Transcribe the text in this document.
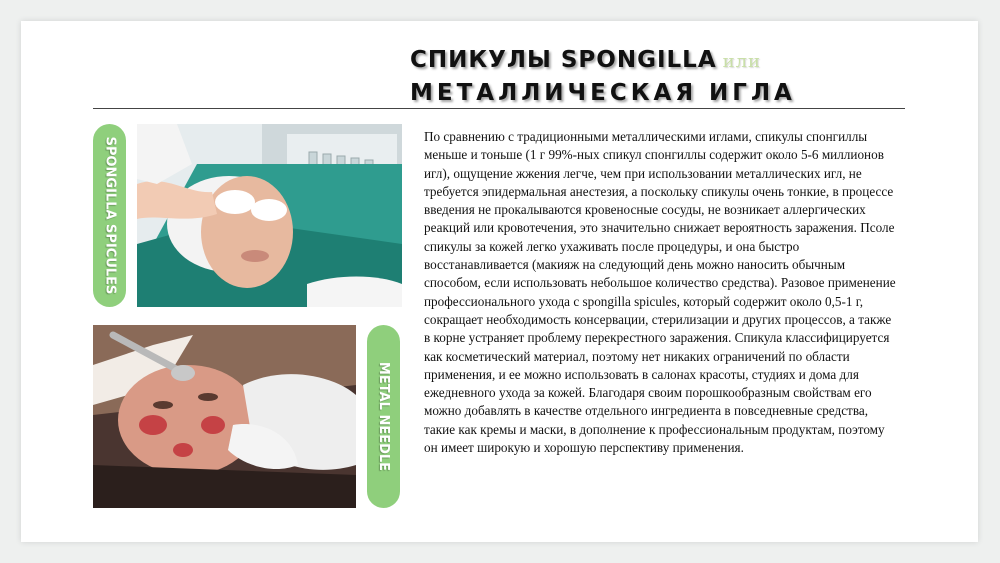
СПИКУЛЫ SPONGILLA или
МЕТАЛЛИЧЕСКАЯ ИГЛА
SPONGILLA SPICULES
METAL NEEDLE

По сравнению с традиционными металлическими иглами, спикулы спонгиллы меньше и тоньше (1 г 99%-ных спикул спонгиллы содержит около 5-6 миллионов игл), ощущение жжения легче, чем при использовании металлических игл, не требуется эпидермальная анестезия, а поскольку спикулы очень тонкие, в процессе введения не прокалываются кровеносные сосуды, не возникает аллергических реакций или кровотечения, это значительно снижает вероятность заражения. Псоле спикулы за кожей легко ухаживать после процедуры, и она быстро восстанавливается (макияж на следующий день можно наносить обычным способом, если использовать небольшое количество средства). Разовое применение профессионального ухода с spongilla spicules, который содержит около 0,5-1 г, сокращает необходимость консервации, стерилизации и других процессов, а также в корне устраняет проблему перекрестного заражения. Спикула классифицируется как косметический материал, поэтому нет никаких ограничений по области применения, и ее можно использовать в салонах красоты, студиях и дома для ежедневного ухода за кожей. Благодаря своим порошкообразным свойствам его можно добавлять в качестве отдельного ингредиента в повседневные средства, такие как кремы и маски, в дополнение к профессиональным продуктам, поэтому он имеет широкую и хорошую перспективу применения.
